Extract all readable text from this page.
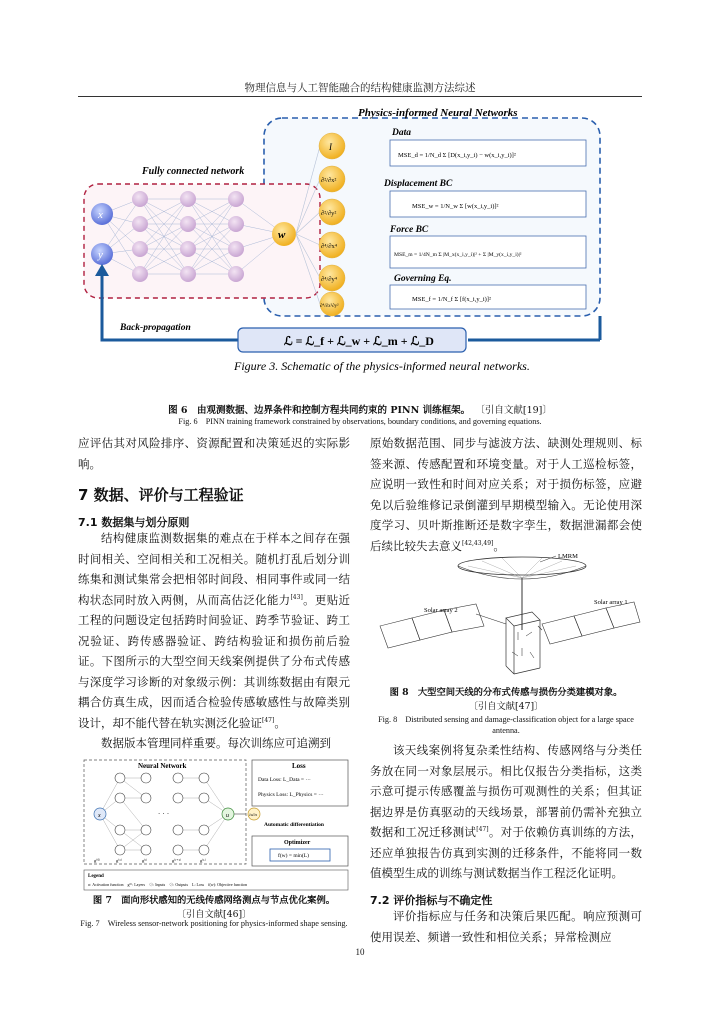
物理信息与人工智能融合的结构健康监测方法综述
Physics-informed Neural Networks
Fully connected network
x
y
w
I
∂²/∂x²
∂²/∂y²
∂⁴/∂x⁴
∂⁴/∂y⁴
∂⁴/∂x²∂y²
Data
MSE_d = 1/N_d Σ [D(x_i,y_i) − w(x_i,y_i)]²
Displacement BC
MSE_w = 1/N_w Σ [w(x_i,y_i)]²
Force BC
MSE_m = 1/4N_m Σ |M_x(x_i,y_i)|² + Σ |M_y(x_i,y_i)|²
Governing Eq.
MSE_f = 1/N_f Σ [f(x_i,y_i)]²
Back-propagation
ℒ = ℒ_f + ℒ_w + ℒ_m + ℒ_D
Figure 3. Schematic of the physics-informed neural networks.
图 6　由观测数据、边界条件和控制方程共同约束的 PINN 训练框架。 〔引自文献[19]〕
Fig. 6　PINN training framework constrained by observations, boundary conditions, and governing equations.

应评估其对风险排序、资源配置和决策延迟的实际影响。

7 数据、评价与工程验证
7.1 数据集与划分原则

结构健康监测数据集的难点在于样本之间存在强时间相关、空间相关和工况相关。随机打乱后划分训练集和测试集常会把相邻时间段、相同事件或同一结构状态同时放入两侧，从而高估泛化能力[43]。更贴近工程的问题设定包括跨时间验证、跨季节验证、跨工况验证、跨传感器验证、跨结构验证和损伤前后验证。下图所示的大型空间天线案例提供了分布式传感与深度学习诊断的对象级示例：其训练数据由有限元耦合仿真生成，因而适合检验传感敏感性与故障类别设计，却不能代替在轨实测泛化验证[47]。

数据版本管理同样重要。每次训练应可追溯到

Neural Network
x	· · ·	u
g⁽⁰⁾	g⁽¹⁾	g⁽ˡ⁾	g⁽ˡ⁺¹⁾	g⁽ᴸ⁾
Loss
Data Loss: L_Data = ···
Physics Loss: L_Physics = ···
∂u/∂x
Automatic differentiation
Optimizer
f(w) = min(L)
Legend
σ: Activation function　g⁽ˡ⁾: Layers　⊙: Inputs　⊙: Outputs　L: Loss　f(w): Objective function
图 7　面向形状感知的无线传感网络测点与节点优化案例。
〔引自文献[46]〕
Fig. 7　Wireless sensor-network positioning for physics-informed shape sensing.

原始数据范围、同步与滤波方法、缺测处理规则、标签来源、传感配置和环境变量。对于人工巡检标签，应说明一致性和时间对应关系；对于损伤标签，应避免以后验维修记录倒灌到早期模型输入。无论使用深度学习、贝叶斯推断还是数字孪生，数据泄漏都会使后续比较失去意义[42,43,49]。

LMRM
Solar array 2
Solar array 1
图 8　大型空间天线的分布式传感与损伤分类建模对象。
〔引自文献[47]〕
Fig. 8　Distributed sensing and damage-classification object for a large space antenna.

该天线案例将复杂柔性结构、传感网络与分类任务放在同一对象层展示。相比仅报告分类指标，这类示意可提示传感覆盖与损伤可观测性的关系；但其证据边界是仿真驱动的天线场景，部署前仍需补充独立数据和工况迁移测试[47]。对于依赖仿真训练的方法，还应单独报告仿真到实测的迁移条件，不能将同一数值模型生成的训练与测试数据当作工程泛化证明。

7.2 评价指标与不确定性

评价指标应与任务和决策后果匹配。响应预测可使用误差、频谱一致性和相位关系；异常检测应

10
